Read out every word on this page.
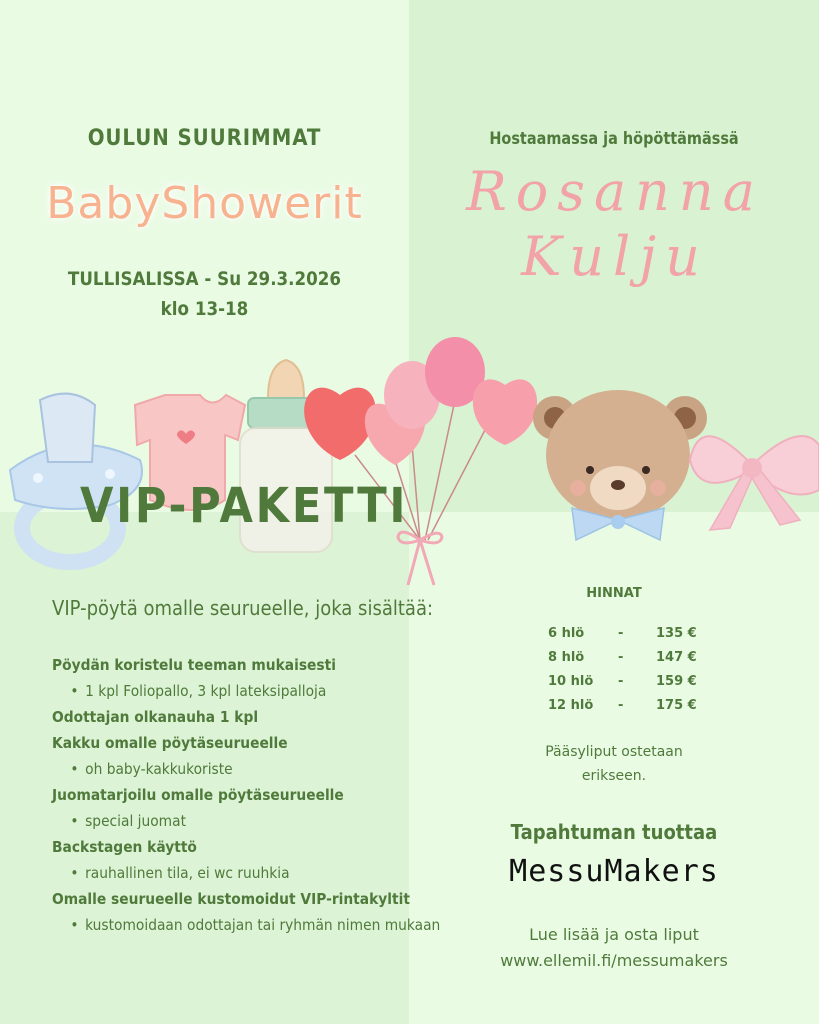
OULUN SUURIMMAT
BabyShowerit
TULLISALISSA - Su 29.3.2026
klo 13-18
Hostaamassa ja höpöttämässä
Rosanna
Kulju
VIP-PAKETTI
VIP-pöytä omalle seurueelle, joka sisältää:
Pöydän koristelu teeman mukaisesti
• 1 kpl Foliopallo, 3 kpl lateksipalloja
Odottajan olkanauha 1 kpl
Kakku omalle pöytäseurueelle
• oh baby-kakkukoriste
Juomatarjoilu omalle pöytäseurueelle
• special juomat
Backstagen käyttö
• rauhallinen tila, ei wc ruuhkia
Omalle seurueelle kustomoidut VIP-rintakyltit
• kustomoidaan odottajan tai ryhmän nimen mukaan
HINNAT
6 hlö	-	135 €
8 hlö	-	147 €
10 hlö -	159 €
12 hlö -	175 €
Pääsyliput ostetaan
erikseen.
Tapahtuman tuottaa
MessuMakers
Lue lisää ja osta liput
www.ellemil.fi/messumakers
